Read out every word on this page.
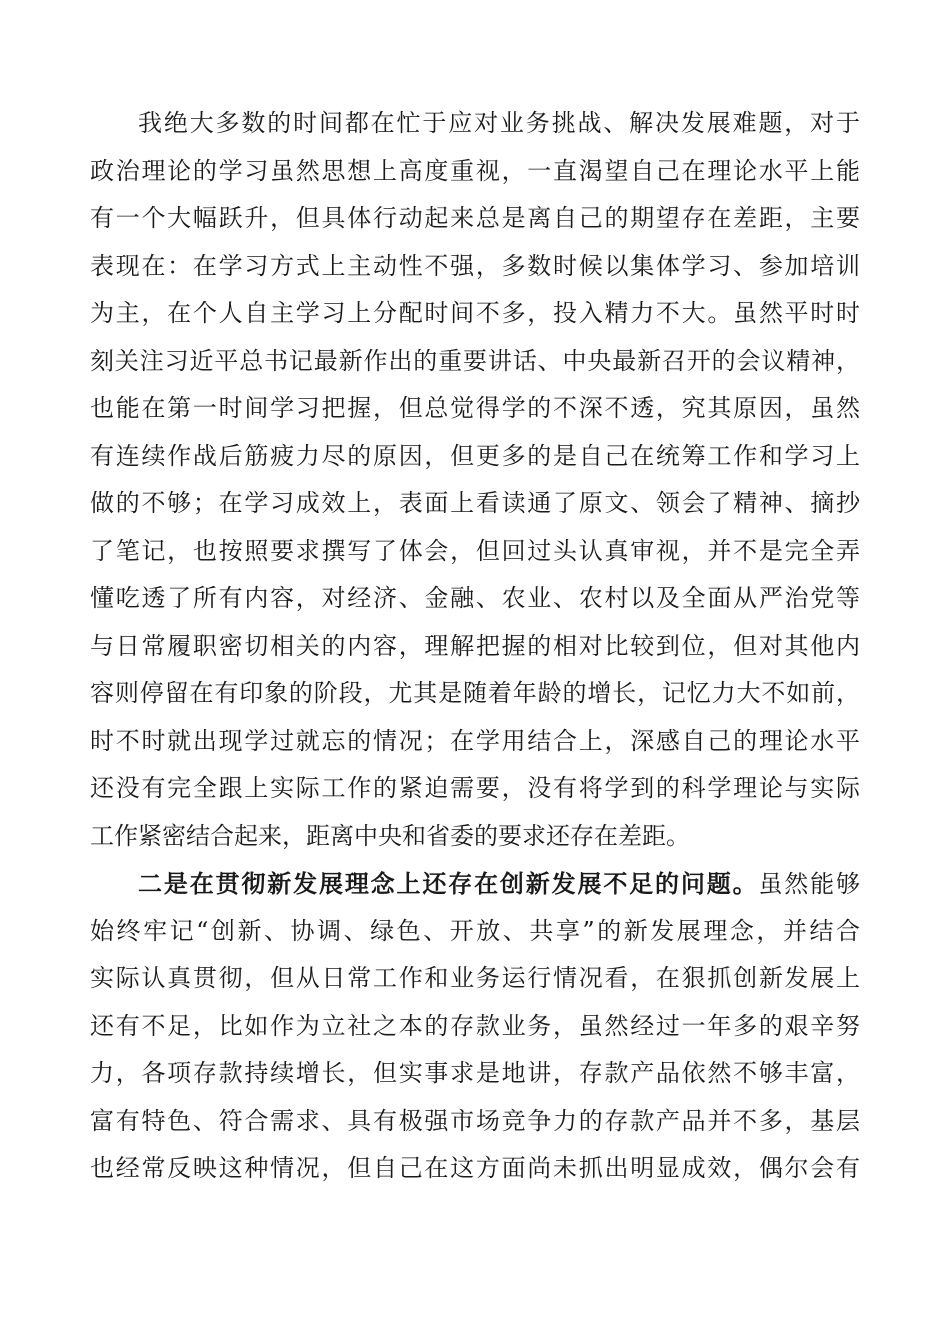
我绝大多数的时间都在忙于应对业务挑战、解决发展难题，对于
政治理论的学习虽然思想上高度重视，一直渴望自己在理论水平上能
有一个大幅跃升，但具体行动起来总是离自己的期望存在差距，主要
表现在：在学习方式上主动性不强，多数时候以集体学习、参加培训
为主，在个人自主学习上分配时间不多，投入精力不大。虽然平时时
刻关注习近平总书记最新作出的重要讲话、中央最新召开的会议精神，
也能在第一时间学习把握，但总觉得学的不深不透，究其原因，虽然
有连续作战后筋疲力尽的原因，但更多的是自己在统筹工作和学习上
做的不够；在学习成效上，表面上看读通了原文、领会了精神、摘抄
了笔记，也按照要求撰写了体会，但回过头认真审视，并不是完全弄
懂吃透了所有内容，对经济、金融、农业、农村以及全面从严治党等
与日常履职密切相关的内容，理解把握的相对比较到位，但对其他内
容则停留在有印象的阶段，尤其是随着年龄的增长，记忆力大不如前，
时不时就出现学过就忘的情况；在学用结合上，深感自己的理论水平
还没有完全跟上实际工作的紧迫需要，没有将学到的科学理论与实际
工作紧密结合起来，距离中央和省委的要求还存在差距。
二是在贯彻新发展理念上还存在创新发展不足的问题。虽然能够
始终牢记“创新、协调、绿色、开放、共享”的新发展理念，并结合
实际认真贯彻，但从日常工作和业务运行情况看，在狠抓创新发展上
还有不足，比如作为立社之本的存款业务，虽然经过一年多的艰辛努
力，各项存款持续增长，但实事求是地讲，存款产品依然不够丰富，
富有特色、符合需求、具有极强市场竞争力的存款产品并不多，基层
也经常反映这种情况，但自己在这方面尚未抓出明显成效，偶尔会有
